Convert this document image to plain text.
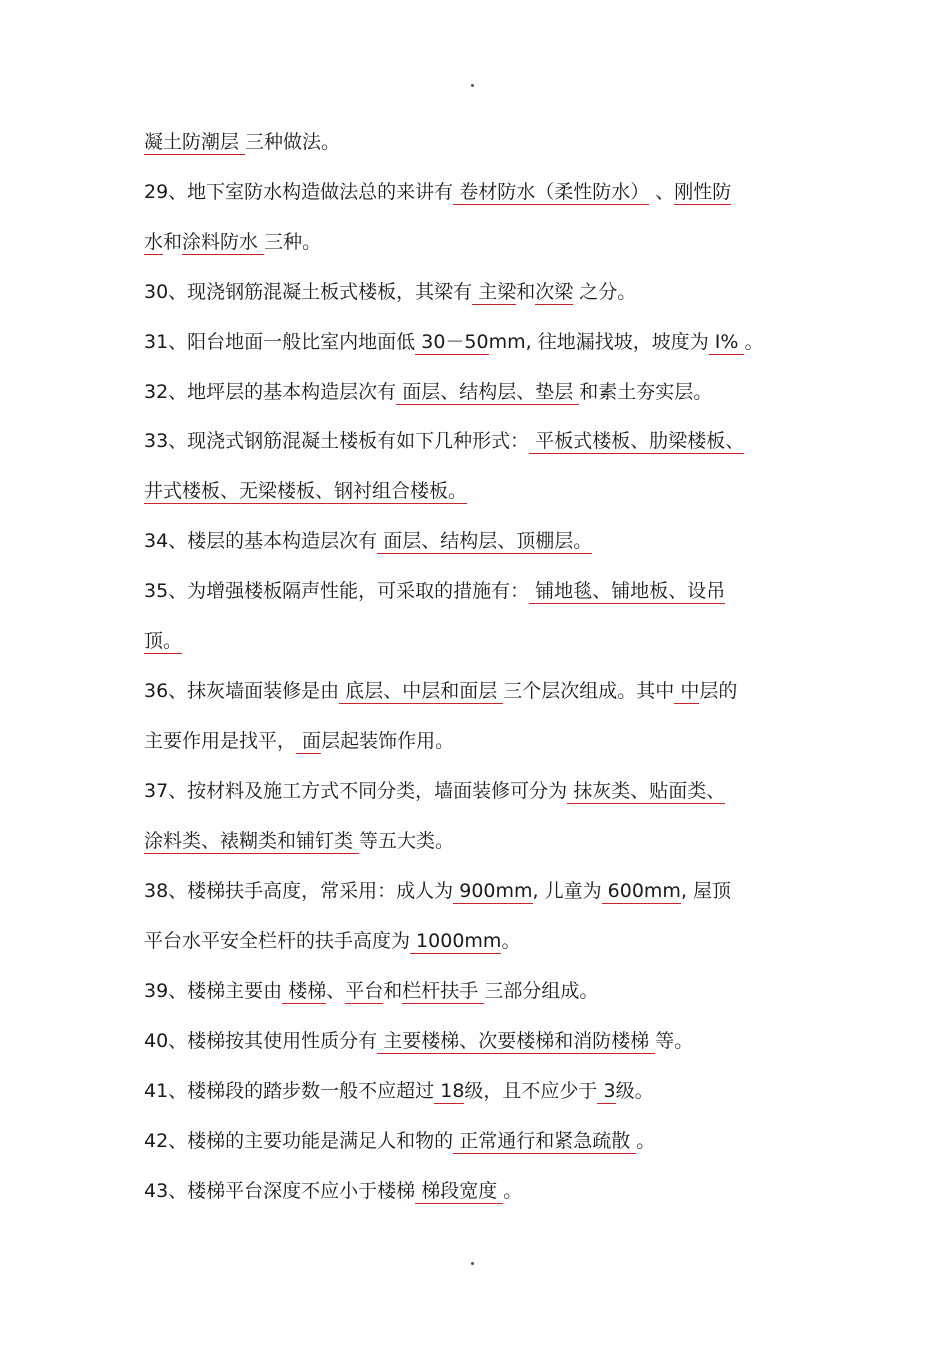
凝土防潮层 三种做法。
29、地下室防水构造做法总的来讲有 卷材防水（柔性防水） 、刚性防
水和涂料防水 三种。
30、现浇钢筋混凝土板式楼板，其梁有 主梁和次梁 之分。
31、阳台地面一般比室内地面低 30－50mm, 往地漏找坡，坡度为 I% 。
32、地坪层的基本构造层次有 面层、结构层、垫层 和素土夯实层。
33、现浇式钢筋混凝土楼板有如下几种形式： 平板式楼板、肋梁楼板、
井式楼板、无梁楼板、钢衬组合楼板。
34、楼层的基本构造层次有 面层、结构层、顶棚层。
35、为增强楼板隔声性能，可采取的措施有： 铺地毯、铺地板、设吊
顶。
36、抹灰墙面装修是由 底层、中层和面层 三个层次组成。其中 中层的
主要作用是找平， 面层起装饰作用。
37、按材料及施工方式不同分类，墙面装修可分为 抹灰类、贴面类、
涂料类、裱糊类和铺钉类 等五大类。
38、楼梯扶手高度，常采用：成人为 900mm, 儿童为 600mm, 屋顶
平台水平安全栏杆的扶手高度为 1000mm。
39、楼梯主要由 楼梯、平台和栏杆扶手 三部分组成。
40、楼梯按其使用性质分有 主要楼梯、次要楼梯和消防楼梯 等。
41、楼梯段的踏步数一般不应超过 18级，且不应少于 3级。
42、楼梯的主要功能是满足人和物的 正常通行和紧急疏散 。
43、楼梯平台深度不应小于楼梯 梯段宽度 。
